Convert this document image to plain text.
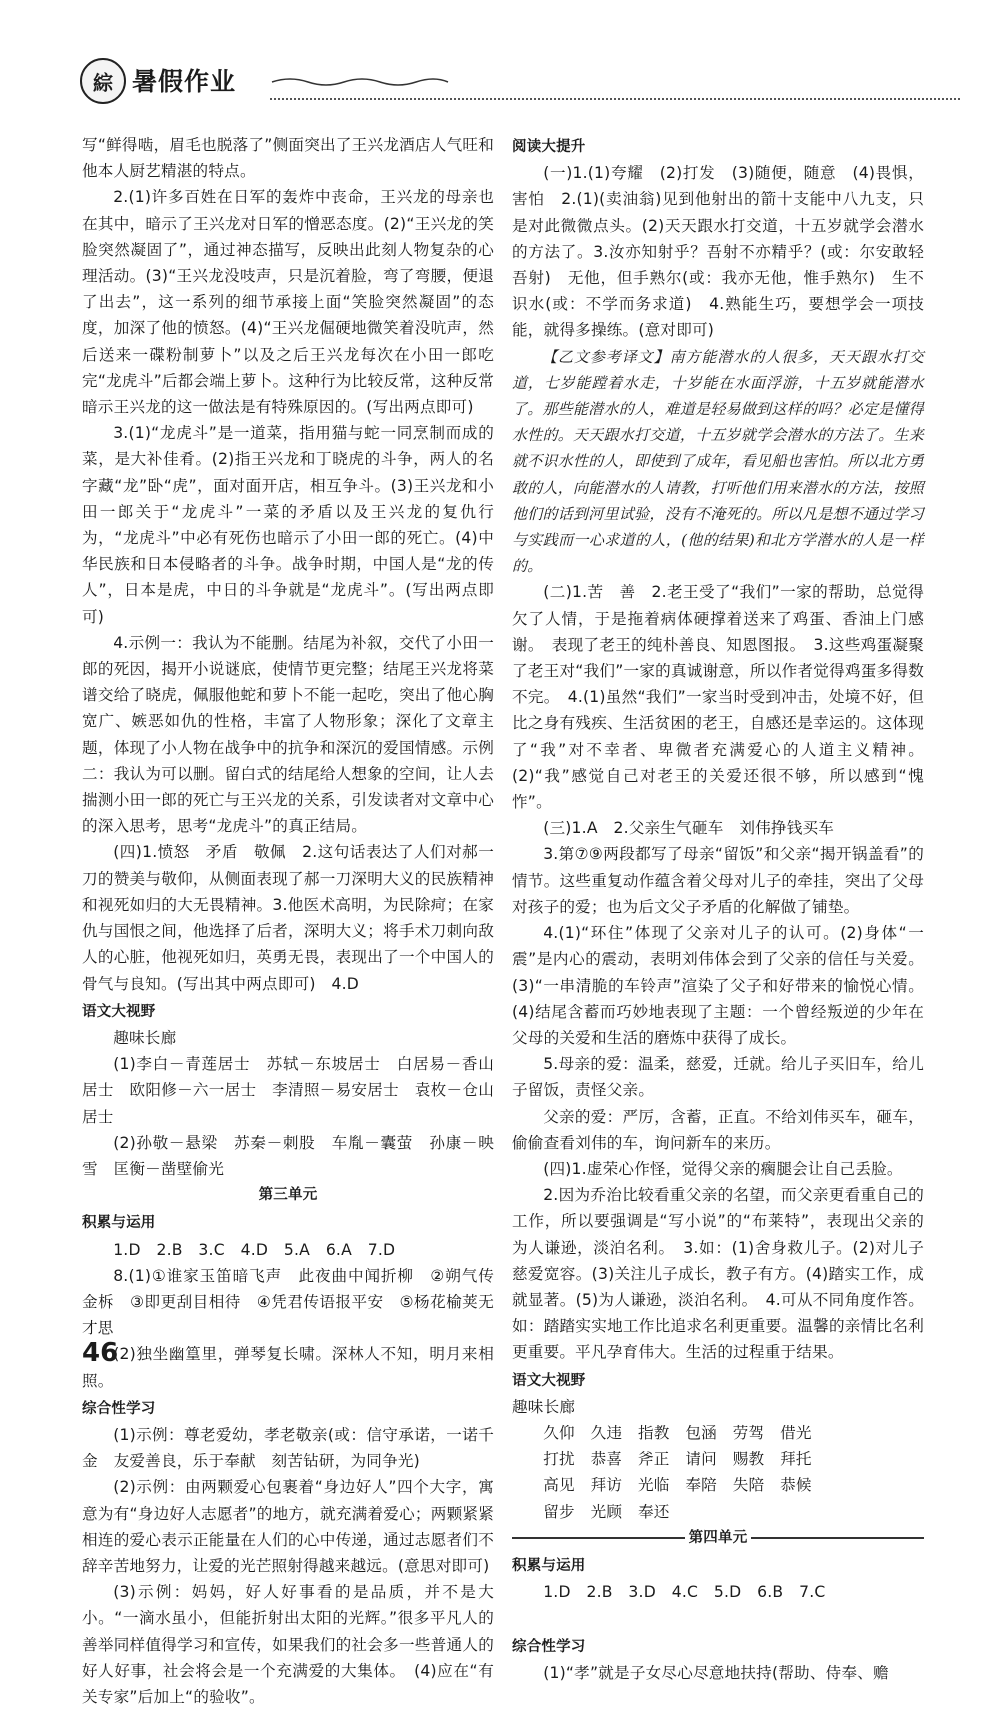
綜 暑假作业

写“鲜得啮，眉毛也脱落了”侧面突出了王兴龙酒店人气旺和他本人厨艺精湛的特点。

2.(1)许多百姓在日军的轰炸中丧命，王兴龙的母亲也在其中，暗示了王兴龙对日军的憎恶态度。(2)“王兴龙的笑脸突然凝固了”，通过神态描写，反映出此刻人物复杂的心理活动。(3)“王兴龙没吱声，只是沉着脸，弯了弯腰，便退了出去”，这一系列的细节承接上面“笑脸突然凝固”的态度，加深了他的愤怒。(4)“王兴龙倔硬地微笑着没吭声，然后送来一碟粉制萝卜”以及之后王兴龙每次在小田一郎吃完“龙虎斗”后都会端上萝卜。这种行为比较反常，这种反常暗示王兴龙的这一做法是有特殊原因的。(写出两点即可)

3.(1)“龙虎斗”是一道菜，指用猫与蛇一同烹制而成的菜，是大补佳肴。(2)指王兴龙和丁晓虎的斗争，两人的名字藏“龙”卧“虎”，面对面开店，相互争斗。(3)王兴龙和小田一郎关于“龙虎斗”一菜的矛盾以及王兴龙的复仇行为，“龙虎斗”中必有死伤也暗示了小田一郎的死亡。(4)中华民族和日本侵略者的斗争。战争时期，中国人是“龙的传人”，日本是虎，中日的斗争就是“龙虎斗”。(写出两点即可)

4.示例一：我认为不能删。结尾为补叙，交代了小田一郎的死因，揭开小说谜底，使情节更完整；结尾王兴龙将菜谱交给了晓虎，佩服他蛇和萝卜不能一起吃，突出了他心胸宽广、嫉恶如仇的性格，丰富了人物形象；深化了文章主题，体现了小人物在战争中的抗争和深沉的爱国情感。示例二：我认为可以删。留白式的结尾给人想象的空间，让人去揣测小田一郎的死亡与王兴龙的关系，引发读者对文章中心的深入思考，思考“龙虎斗”的真正结局。

(四)1.愤怒　矛盾　敬佩　2.这句话表达了人们对郝一刀的赞美与敬仰，从侧面表现了郝一刀深明大义的民族精神和视死如归的大无畏精神。3.他医术高明，为民除疴；在家仇与国恨之间，他选择了后者，深明大义；将手术刀刺向敌人的心脏，他视死如归，英勇无畏，表现出了一个中国人的骨气与良知。(写出其中两点即可)　4.D

语文大视野

趣味长廊

(1)李白－青莲居士　苏轼－东坡居士　白居易－香山居士　欧阳修－六一居士　李清照－易安居士　袁枚－仓山居士

(2)孙敬－悬梁　苏秦－刺股　车胤－囊萤　孙康－映雪　匡衡－凿壁偷光

第三单元

积累与运用

1.D　2.B　3.C　4.D　5.A　6.A　7.D

8.(1)①谁家玉笛暗飞声　此夜曲中闻折柳　②朔气传金柝　③即更刮目相待　④凭君传语报平安　⑤杨花榆荚无才思

(2)独坐幽篁里，弹琴复长啸。深林人不知，明月来相照。

综合性学习

(1)示例：尊老爱幼，孝老敬亲(或：信守承诺，一诺千金　友爱善良，乐于奉献　刻苦钻研，为同争光)

(2)示例：由两颗爱心包裹着“身边好人”四个大字，寓意为有“身边好人志愿者”的地方，就充满着爱心；两颗紧紧相连的爱心表示正能量在人们的心中传递，通过志愿者们不辞辛苦地努力，让爱的光芒照射得越来越远。(意思对即可)

(3)示例：妈妈，好人好事看的是品质，并不是大小。“一滴水虽小，但能折射出太阳的光辉。”很多平凡人的善举同样值得学习和宣传，如果我们的社会多一些普通人的好人好事，社会将会是一个充满爱的大集体。　(4)应在“有关专家”后加上“的验收”。

阅读大提升

(一)1.(1)夸耀　(2)打发　(3)随便，随意　(4)畏惧，害怕　2.(1)(卖油翁)见到他射出的箭十支能中八九支，只是对此微微点头。(2)天天跟水打交道，十五岁就学会潜水的方法了。3.汝亦知射乎？吾射不亦精乎？(或：尔安敢轻吾射)　无他，但手熟尔(或：我亦无他，惟手熟尔)　生不识水(或：不学而务求道)　4.熟能生巧，要想学会一项技能，就得多操练。(意对即可)

【乙文参考译文】南方能潜水的人很多，天天跟水打交道，七岁能蹚着水走，十岁能在水面浮游，十五岁就能潜水了。那些能潜水的人，难道是轻易做到这样的吗？必定是懂得水性的。天天跟水打交道，十五岁就学会潜水的方法了。生来就不识水性的人，即使到了成年，看见船也害怕。所以北方勇敢的人，向能潜水的人请教，打听他们用来潜水的方法，按照他们的话到河里试验，没有不淹死的。所以凡是想不通过学习与实践而一心求道的人，(他的结果)和北方学潜水的人是一样的。

(二)1.苦　善　2.老王受了“我们”一家的帮助，总觉得欠了人情，于是拖着病体硬撑着送来了鸡蛋、香油上门感谢。　表现了老王的纯朴善良、知恩图报。　3.这些鸡蛋凝聚了老王对“我们”一家的真诚谢意，所以作者觉得鸡蛋多得数不完。　4.(1)虽然“我们”一家当时受到冲击，处境不好，但比之身有残疾、生活贫困的老王，自感还是幸运的。这体现了“我”对不幸者、卑微者充满爱心的人道主义精神。(2)“我”感觉自己对老王的关爱还很不够，所以感到“愧怍”。

(三)1.A　2.父亲生气砸车　刘伟挣钱买车

3.第⑦⑨两段都写了母亲“留饭”和父亲“揭开锅盖看”的情节。这些重复动作蕴含着父母对儿子的牵挂，突出了父母对孩子的爱；也为后文父子矛盾的化解做了铺垫。

4.(1)“环住”体现了父亲对儿子的认可。(2)身体“一震”是内心的震动，表明刘伟体会到了父亲的信任与关爱。(3)“一串清脆的车铃声”渲染了父子和好带来的愉悦心情。(4)结尾含蓄而巧妙地表现了主题：一个曾经叛逆的少年在父母的关爱和生活的磨炼中获得了成长。

5.母亲的爱：温柔，慈爱，迁就。给儿子买旧车，给儿子留饭，责怪父亲。

父亲的爱：严厉，含蓄，正直。不给刘伟买车，砸车，偷偷查看刘伟的车，询问新车的来历。

(四)1.虚荣心作怪，觉得父亲的瘸腿会让自己丢脸。

2.因为乔治比较看重父亲的名望，而父亲更看重自己的工作，所以要强调是“写小说”的“布莱特”，表现出父亲的为人谦逊，淡泊名利。　3.如：(1)舍身救儿子。(2)对儿子慈爱宽容。(3)关注儿子成长，教子有方。(4)踏实工作，成就显著。(5)为人谦逊，淡泊名利。　4.可从不同角度作答。如：踏踏实实地工作比追求名利更重要。温馨的亲情比名利更重要。平凡孕育伟大。生活的过程重于结果。

语文大视野

趣味长廊

久仰　久违　指教　包涵　劳驾　借光

打扰　恭喜　斧正　请问　赐教　拜托

高见　拜访　光临　奉陪　失陪　恭候

留步　光顾　奉还

第四单元

积累与运用

1.D　2.B　3.D　4.C　5.D　6.B　7.C

综合性学习

(1)“孝”就是子女尽心尽意地扶持(帮助、侍奉、赡

46
